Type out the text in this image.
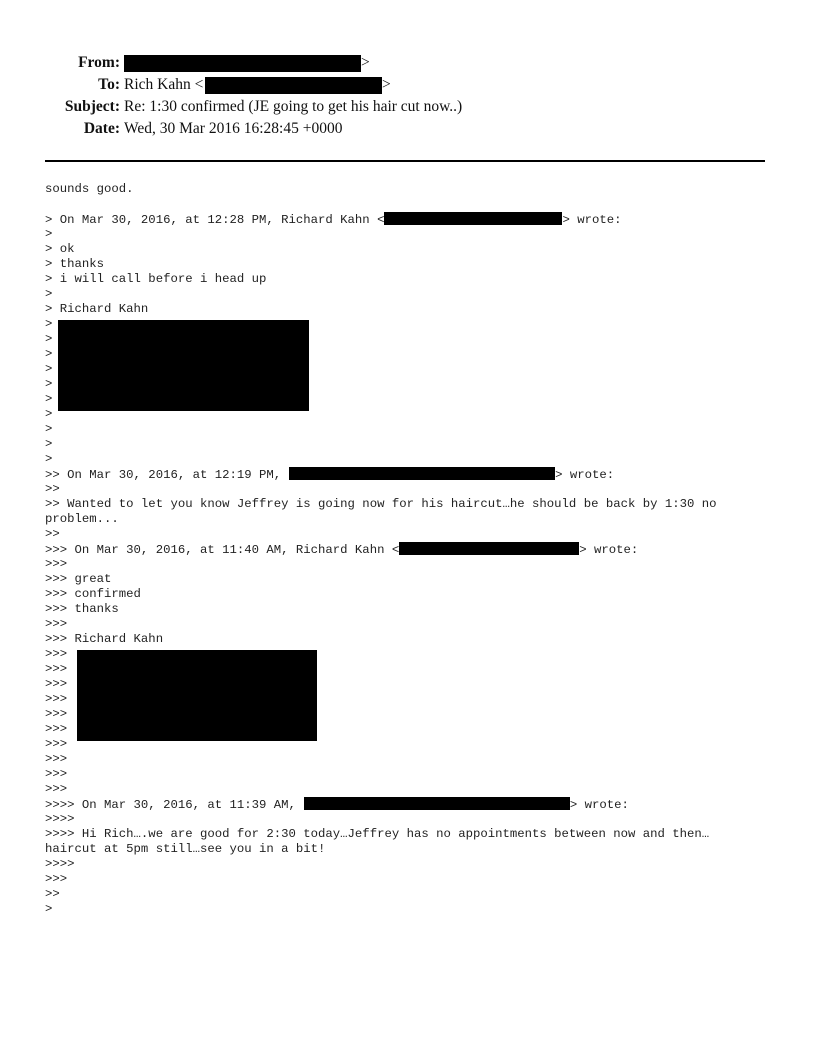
From:	>
To: Rich Kahn <	>
Subject: Re: 1:30 confirmed (JE going to get his hair cut now..)
Date: Wed, 30 Mar 2016 16:28:45 +0000
sounds good.
> On Mar 30, 2016, at 12:28 PM, Richard Kahn <	> wrote:
>
> ok
> thanks
> i will call before i head up
>
> Richard Kahn
>
>
>
>
>
>
>
>
>
>
>> On Mar 30, 2016, at 12:19 PM,	> wrote:
>>
>> Wanted to let you know Jeffrey is going now for his haircut…he should be back by 1:30 no
problem...
>>
>>> On Mar 30, 2016, at 11:40 AM, Richard Kahn <	> wrote:
>>>
>>> great
>>> confirmed
>>> thanks
>>>
>>> Richard Kahn
>>>
>>>
>>>
>>>
>>>
>>>
>>>
>>>
>>>
>>>
>>>> On Mar 30, 2016, at 11:39 AM,	> wrote:
>>>>
>>>> Hi Rich….we are good for 2:30 today…Jeffrey has no appointments between now and then…
haircut at 5pm still…see you in a bit!
>>>>
>>>
>>
>
